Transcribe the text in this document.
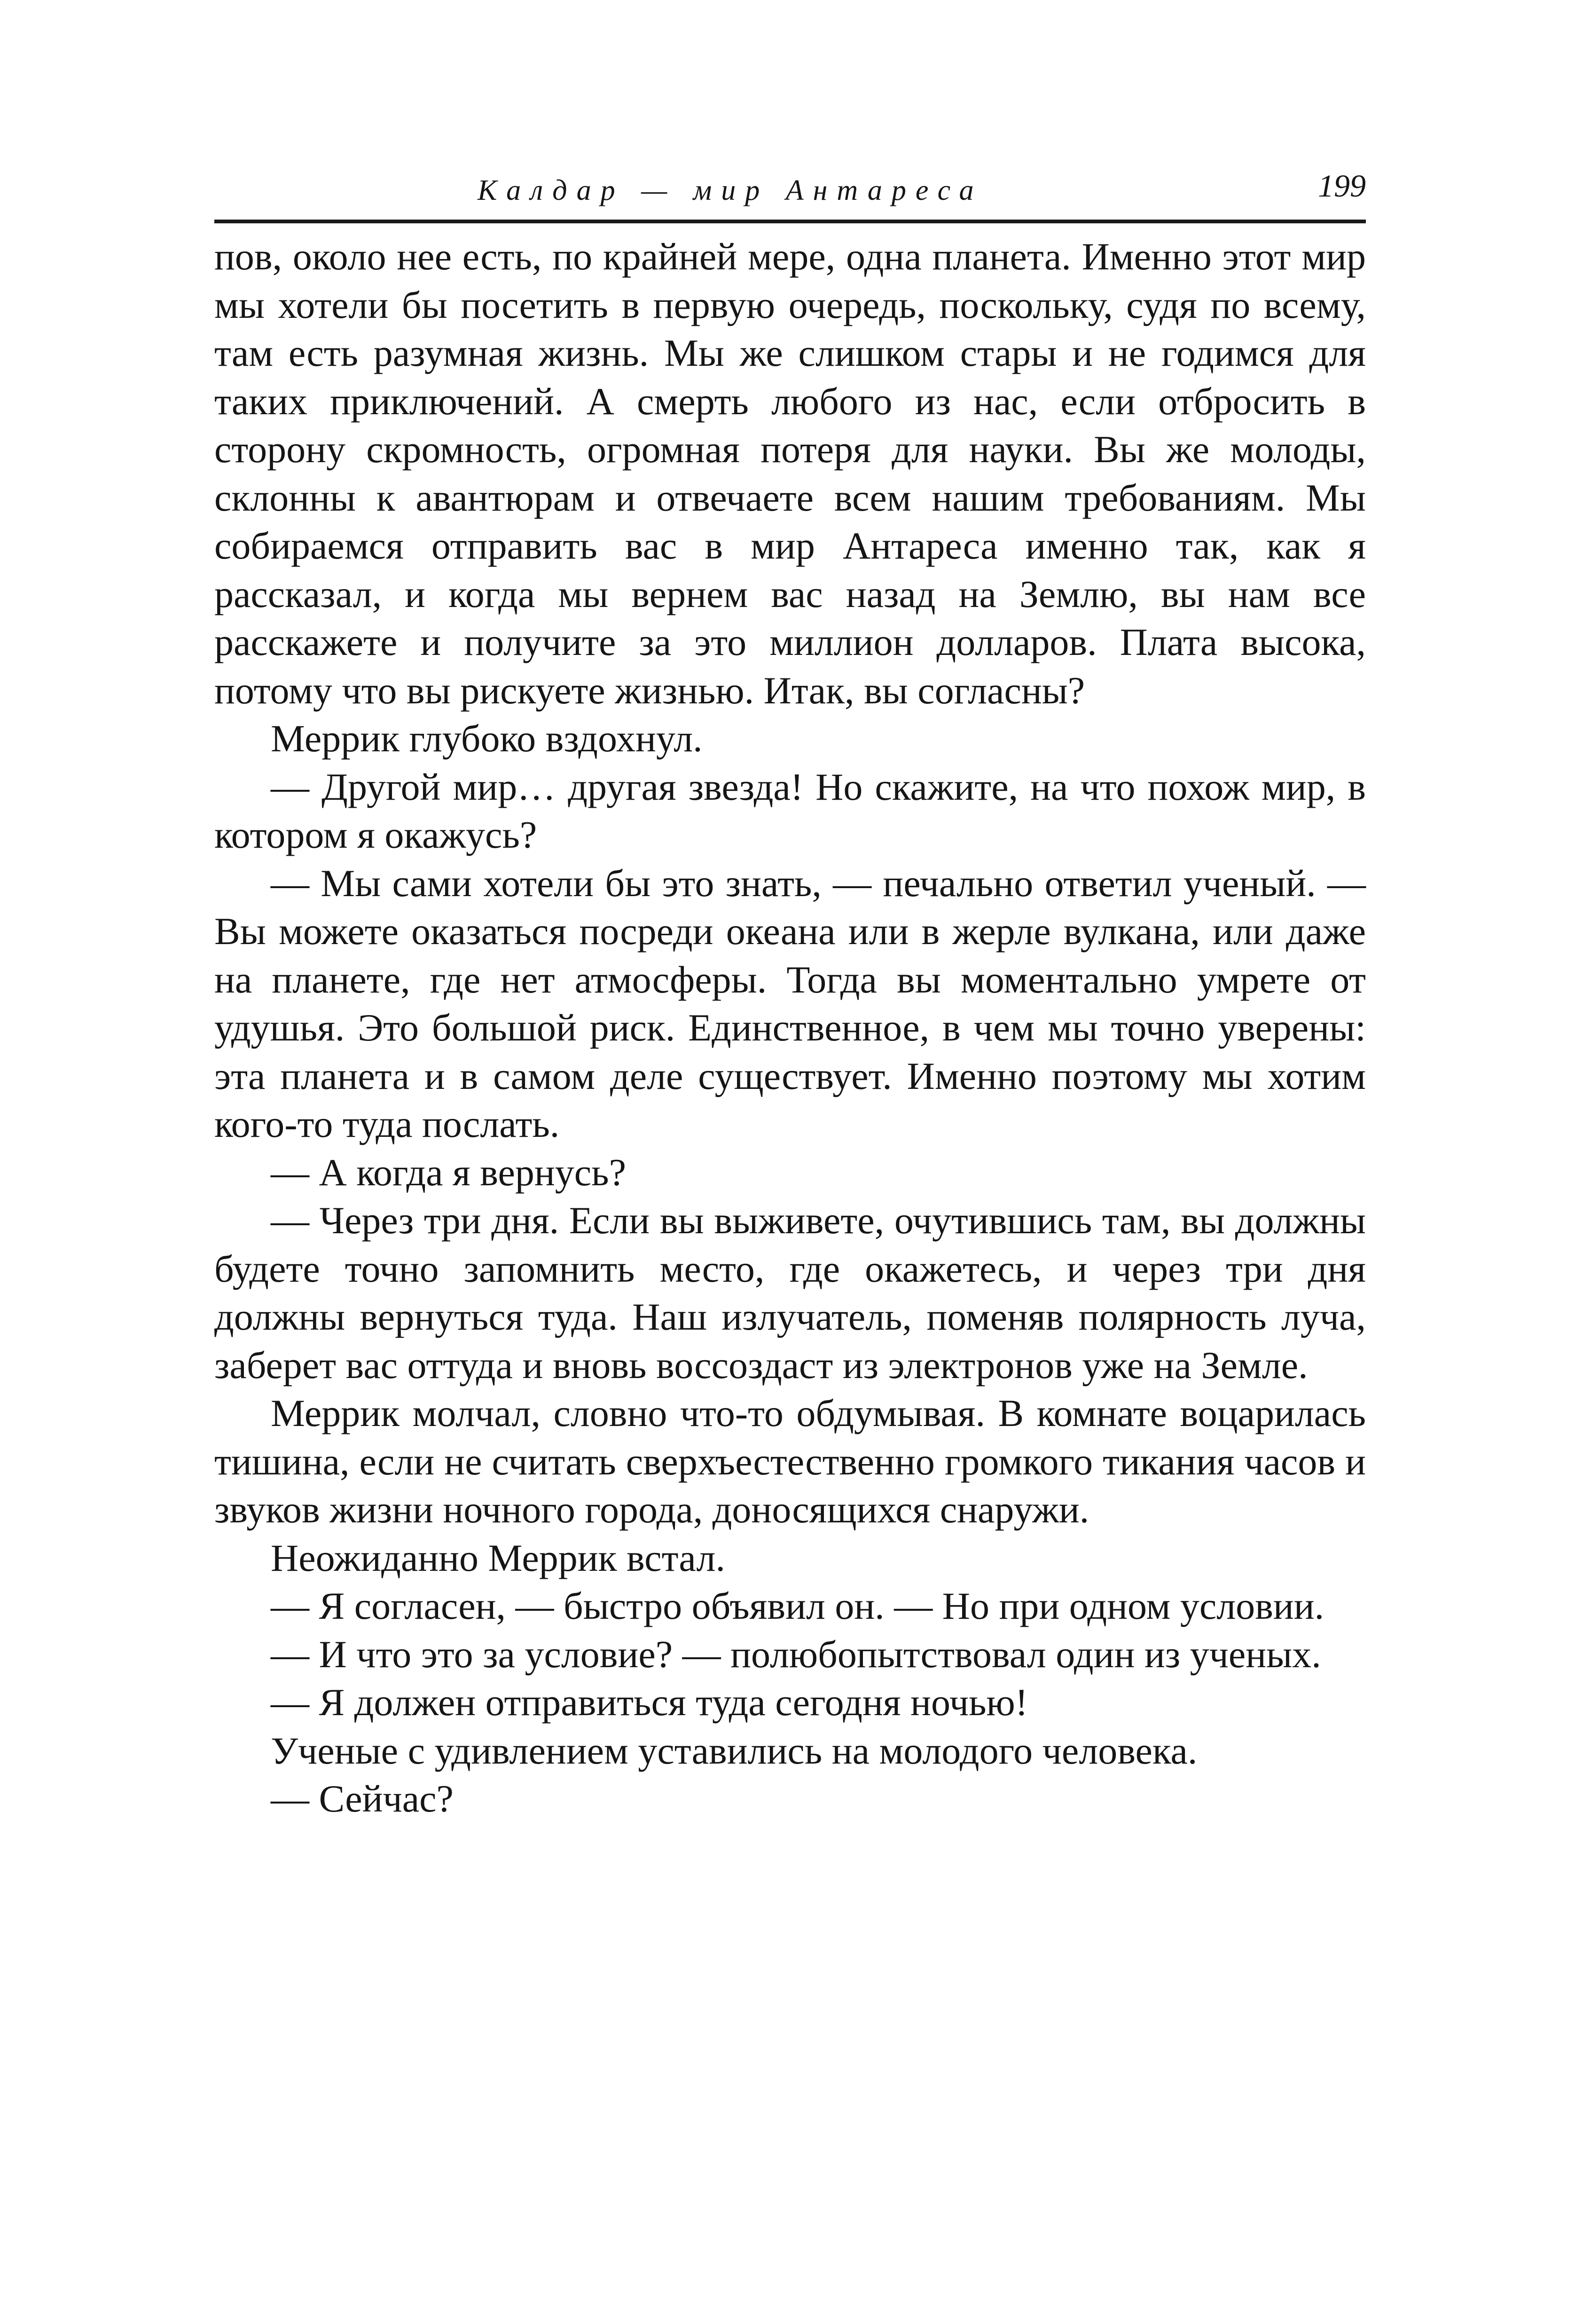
Калдар — мир Антареса	199

пов, около нее есть, по крайней мере, одна планета. Именно этот мир мы хотели бы посетить в первую очередь, поскольку, судя по всему, там есть разумная жизнь. Мы же слишком стары и не годимся для таких приключений. А смерть любого из нас, если отбросить в сторону скромность, огромная потеря для науки. Вы же молоды, склонны к авантюрам и отвечаете всем нашим требованиям. Мы собираемся отправить вас в мир Антареса именно так, как я рассказал, и когда мы вернем вас назад на Землю, вы нам все расскажете и получите за это миллион долларов. Плата высока, потому что вы рискуете жизнью. Итак, вы согласны?

Меррик глубоко вздохнул.

— Другой мир… другая звезда! Но скажите, на что похож мир, в котором я окажусь?

— Мы сами хотели бы это знать, — печально ответил ученый. — Вы можете оказаться посреди океана или в жерле вулкана, или даже на планете, где нет атмосферы. Тогда вы моментально умрете от удушья. Это большой риск. Единственное, в чем мы точно уверены: эта планета и в самом деле существует. Именно поэтому мы хотим кого-то туда послать.

— А когда я вернусь?

— Через три дня. Если вы выживете, очутившись там, вы должны будете точно запомнить место, где окажетесь, и через три дня должны вернуться туда. Наш излучатель, поменяв полярность луча, заберет вас оттуда и вновь воссоздаст из электронов уже на Земле.

Меррик молчал, словно что-то обдумывая. В комнате воцарилась тишина, если не считать сверхъестественно громкого тикания часов и звуков жизни ночного города, доносящихся снаружи.

Неожиданно Меррик встал.

— Я согласен, — быстро объявил он. — Но при одном условии.

— И что это за условие? — полюбопытствовал один из ученых.

— Я должен отправиться туда сегодня ночью!

Ученые с удивлением уставились на молодого человека.

— Сейчас?
